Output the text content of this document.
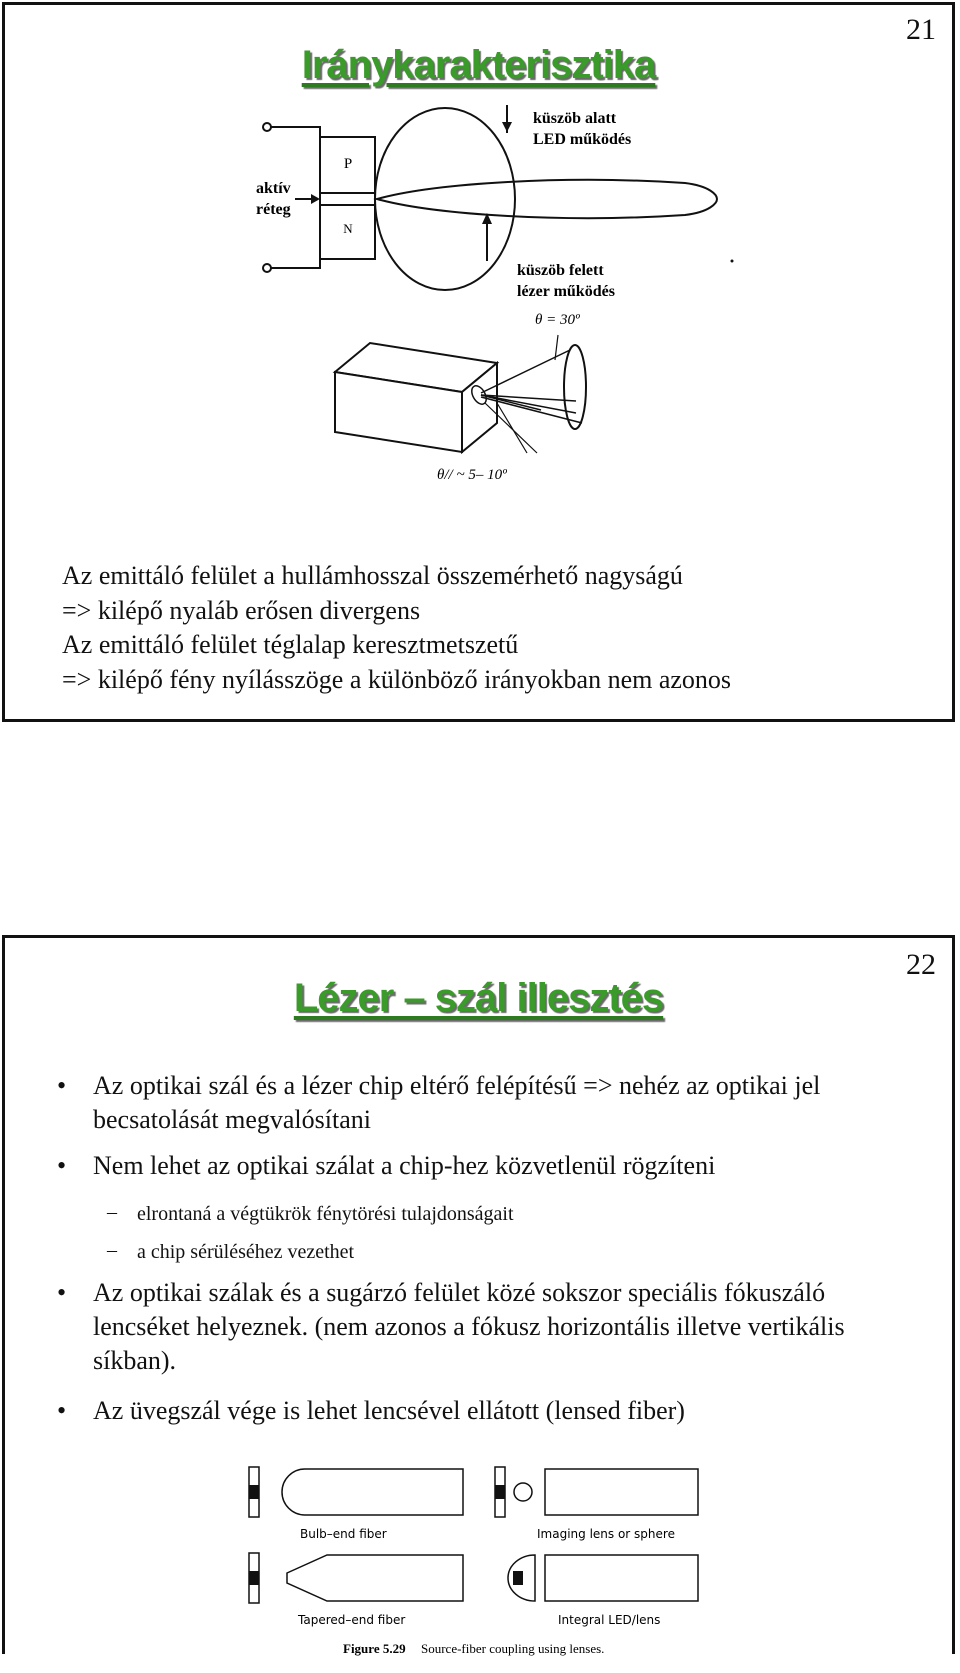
21
Iránykarakterisztika
P
N
aktív
réteg
küszöb alatt
LED működés
küszöb felett
lézer működés
θ = 30º
θ// ~ 5– 10º
Az emittáló felület a hullámhosszal összemérhető nagyságú
=> kilépő nyaláb erősen divergens
Az emittáló felület téglalap keresztmetszetű
=> kilépő fény nyílásszöge a különböző irányokban nem azonos
22
Lézer – szál illesztés
• Az optikai szál és a lézer chip eltérő felépítésű => nehéz az optikai jel becsatolását megvalósítani
• Nem lehet az optikai szálat a chip-hez közvetlenül rögzíteni
– elrontaná a végtükrök fénytörési tulajdonságait
– a chip sérüléséhez vezethet
• Az optikai szálak és a sugárzó felület közé sokszor speciális fókuszáló lencséket helyeznek. (nem azonos a fókusz horizontális illetve vertikális síkban).
• Az üvegszál vége is lehet lencsével ellátott (lensed fiber)
Bulb–end fiber	Imaging lens or sphere
Tapered–end fiber	Integral LED/lens
Figure 5.29 Source-fiber coupling using lenses.
